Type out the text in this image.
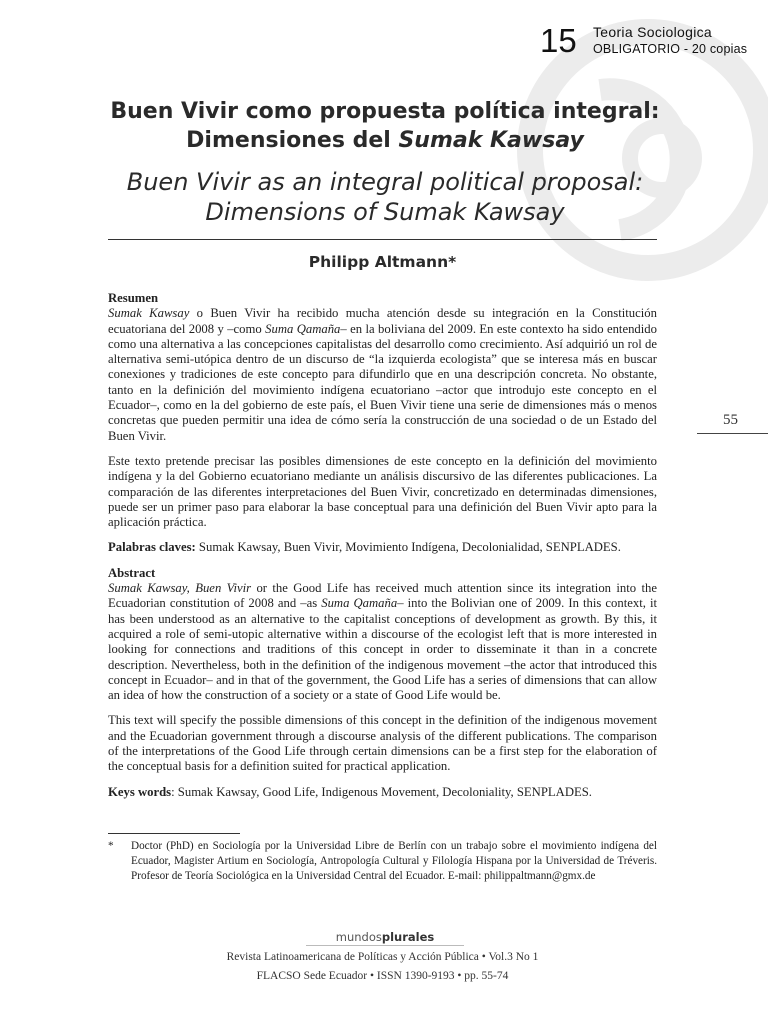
15 Teoria Sociologica
OBLIGATORIO - 20 copias
Buen Vivir como propuesta política integral:
Dimensiones del Sumak Kawsay
Buen Vivir as an integral political proposal:
Dimensions of Sumak Kawsay
Philipp Altmann*
55

Resumen
Sumak Kawsay o Buen Vivir ha recibido mucha atención desde su integración en la Constitución ecuatoriana del 2008 y –como Suma Qamaña– en la boliviana del 2009. En este contexto ha sido entendido como una alternativa a las concepciones capitalistas del desarrollo como crecimiento. Así adquirió un rol de alternativa semi-utópica dentro de un discurso de “la izquierda ecologista” que se interesa más en buscar conexiones y tradiciones de este concepto para difundirlo que en una descripción concreta. No obstante, tanto en la definición del movimiento indígena ecuatoriano –actor que introdujo este concepto en el Ecuador–, como en la del gobierno de este país, el Buen Vivir tiene una serie de dimensiones más o menos concretas que pueden permitir una idea de cómo sería la construcción de una sociedad o de un Estado del Buen Vivir.

Este texto pretende precisar las posibles dimensiones de este concepto en la definición del movimiento indígena y la del Gobierno ecuatoriano mediante un análisis discursivo de las diferentes publicaciones. La comparación de las diferentes interpretaciones del Buen Vivir, concretizado en determinadas dimensiones, puede ser un primer paso para elaborar la base conceptual para una definición del Buen Vivir apto para la aplicación práctica.

Palabras claves: Sumak Kawsay, Buen Vivir, Movimiento Indígena, Decolonialidad, SENPLADES.

Abstract
Sumak Kawsay, Buen Vivir or the Good Life has received much attention since its integration into the Ecuadorian constitution of 2008 and –as Suma Qamaña– into the Bolivian one of 2009. In this context, it has been understood as an alternative to the capitalist conceptions of development as growth. By this, it acquired a role of semi-utopic alternative within a discourse of the ecologist left that is more interested in looking for connections and traditions of this concept in order to disseminate it than in a concrete description. Nevertheless, both in the definition of the indigenous movement –the actor that introduced this concept in Ecuador– and in that of the government, the Good Life has a series of dimensions that can allow an idea of how the construction of a society or a state of Good Life would be.

This text will specify the possible dimensions of this concept in the definition of the indigenous movement and the Ecuadorian government through a discourse analysis of the different publications. The comparison of the interpretations of the Good Life through certain dimensions can be a first step for the elaboration of the conceptual basis for a definition suited for practical application.

Keys words: Sumak Kawsay, Good Life, Indigenous Movement, Decoloniality, SENPLADES.

* Doctor (PhD) en Sociología por la Universidad Libre de Berlín con un trabajo sobre el movimiento indígena del Ecuador, Magister Artium en Sociología, Antropología Cultural y Filología Hispana por la Universidad de Tréveris. Profesor de Teoría Sociológica en la Universidad Central del Ecuador. E-mail: philippaltmann@gmx.de
mundosplurales
Revista Latinoamericana de Políticas y Acción Pública • Vol.3 No 1
FLACSO Sede Ecuador • ISSN 1390-9193 • pp. 55-74
